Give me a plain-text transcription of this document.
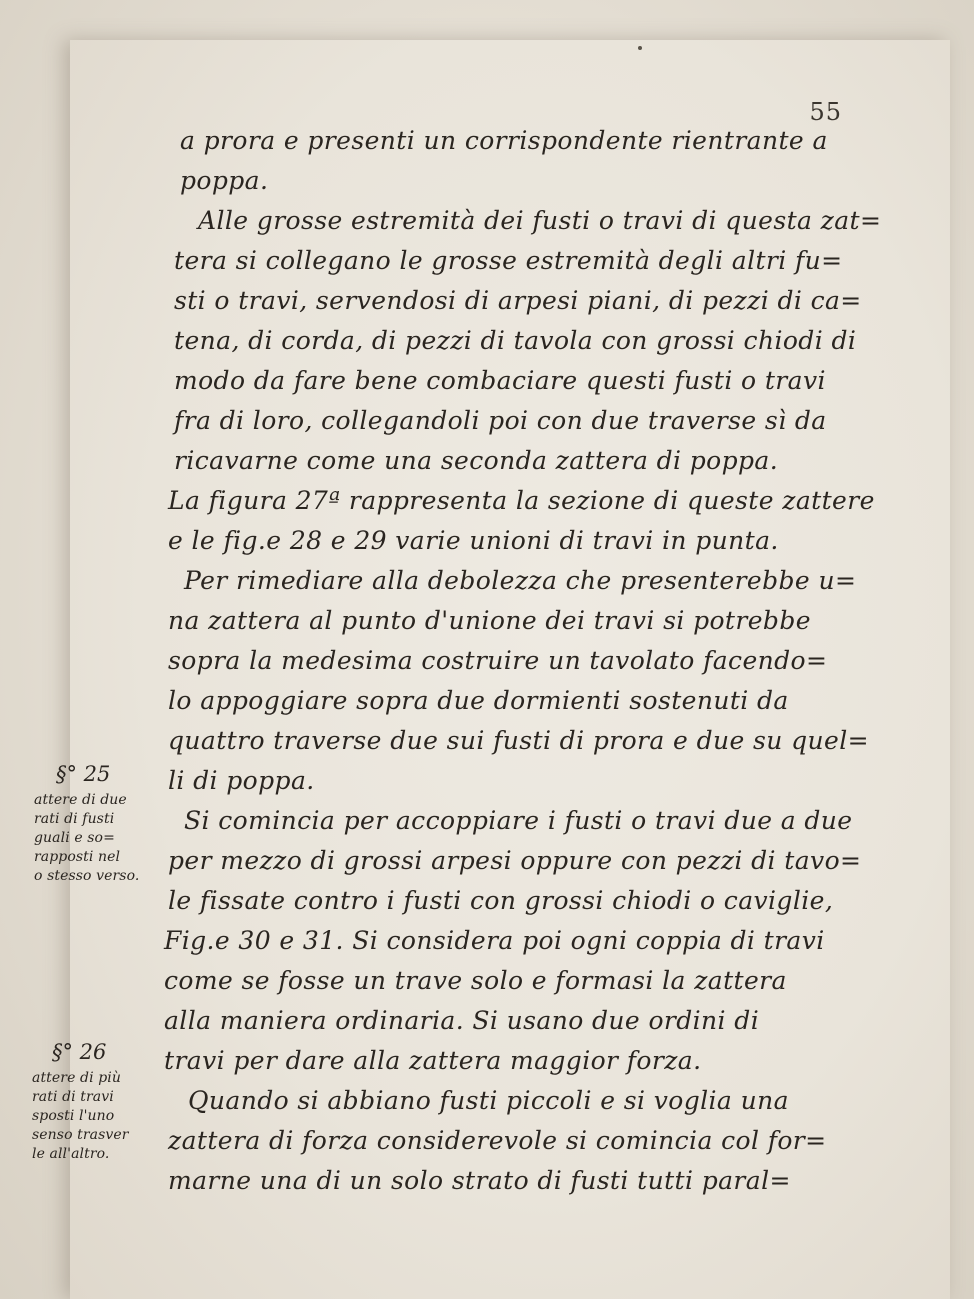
55
a prora e presenti un corrispondente rientrante a
poppa.
Alle grosse estremità dei fusti o travi di questa zat=
tera si collegano le grosse estremità degli altri fu=
sti o travi, servendosi di arpesi piani, di pezzi di ca=
tena, di corda, di pezzi di tavola con grossi chiodi di
modo da fare bene combaciare questi fusti o travi
fra di loro, collegandoli poi con due traverse sì da
ricavarne come una seconda zattera di poppa.
La figura 27ª rappresenta la sezione di queste zattere
e le fig.e 28 e 29 varie unioni di travi in punta.
Per rimediare alla debolezza che presenterebbe u=
na zattera al punto d'unione dei travi si potrebbe
sopra la medesima costruire un tavolato facendo=
lo appoggiare sopra due dormienti sostenuti da
quattro traverse due sui fusti di prora e due su quel=
li di poppa.
Si comincia per accoppiare i fusti o travi due a due
per mezzo di grossi arpesi oppure con pezzi di tavo=
le fissate contro i fusti con grossi chiodi o caviglie,
Fig.e 30 e 31. Si considera poi ogni coppia di travi
come se fosse un trave solo e formasi la zattera
alla maniera ordinaria. Si usano due ordini di
travi per dare alla zattera maggior forza.
Quando si abbiano fusti piccoli e si voglia una
zattera di forza considerevole si comincia col for=
marne una di un solo strato di fusti tutti paral=
§° 25
attere di due
rati di fusti
guali e so=
rapposti nel
o stesso verso.
§° 26
attere di più
rati di travi
sposti l'uno
senso trasver
le all'altro.
